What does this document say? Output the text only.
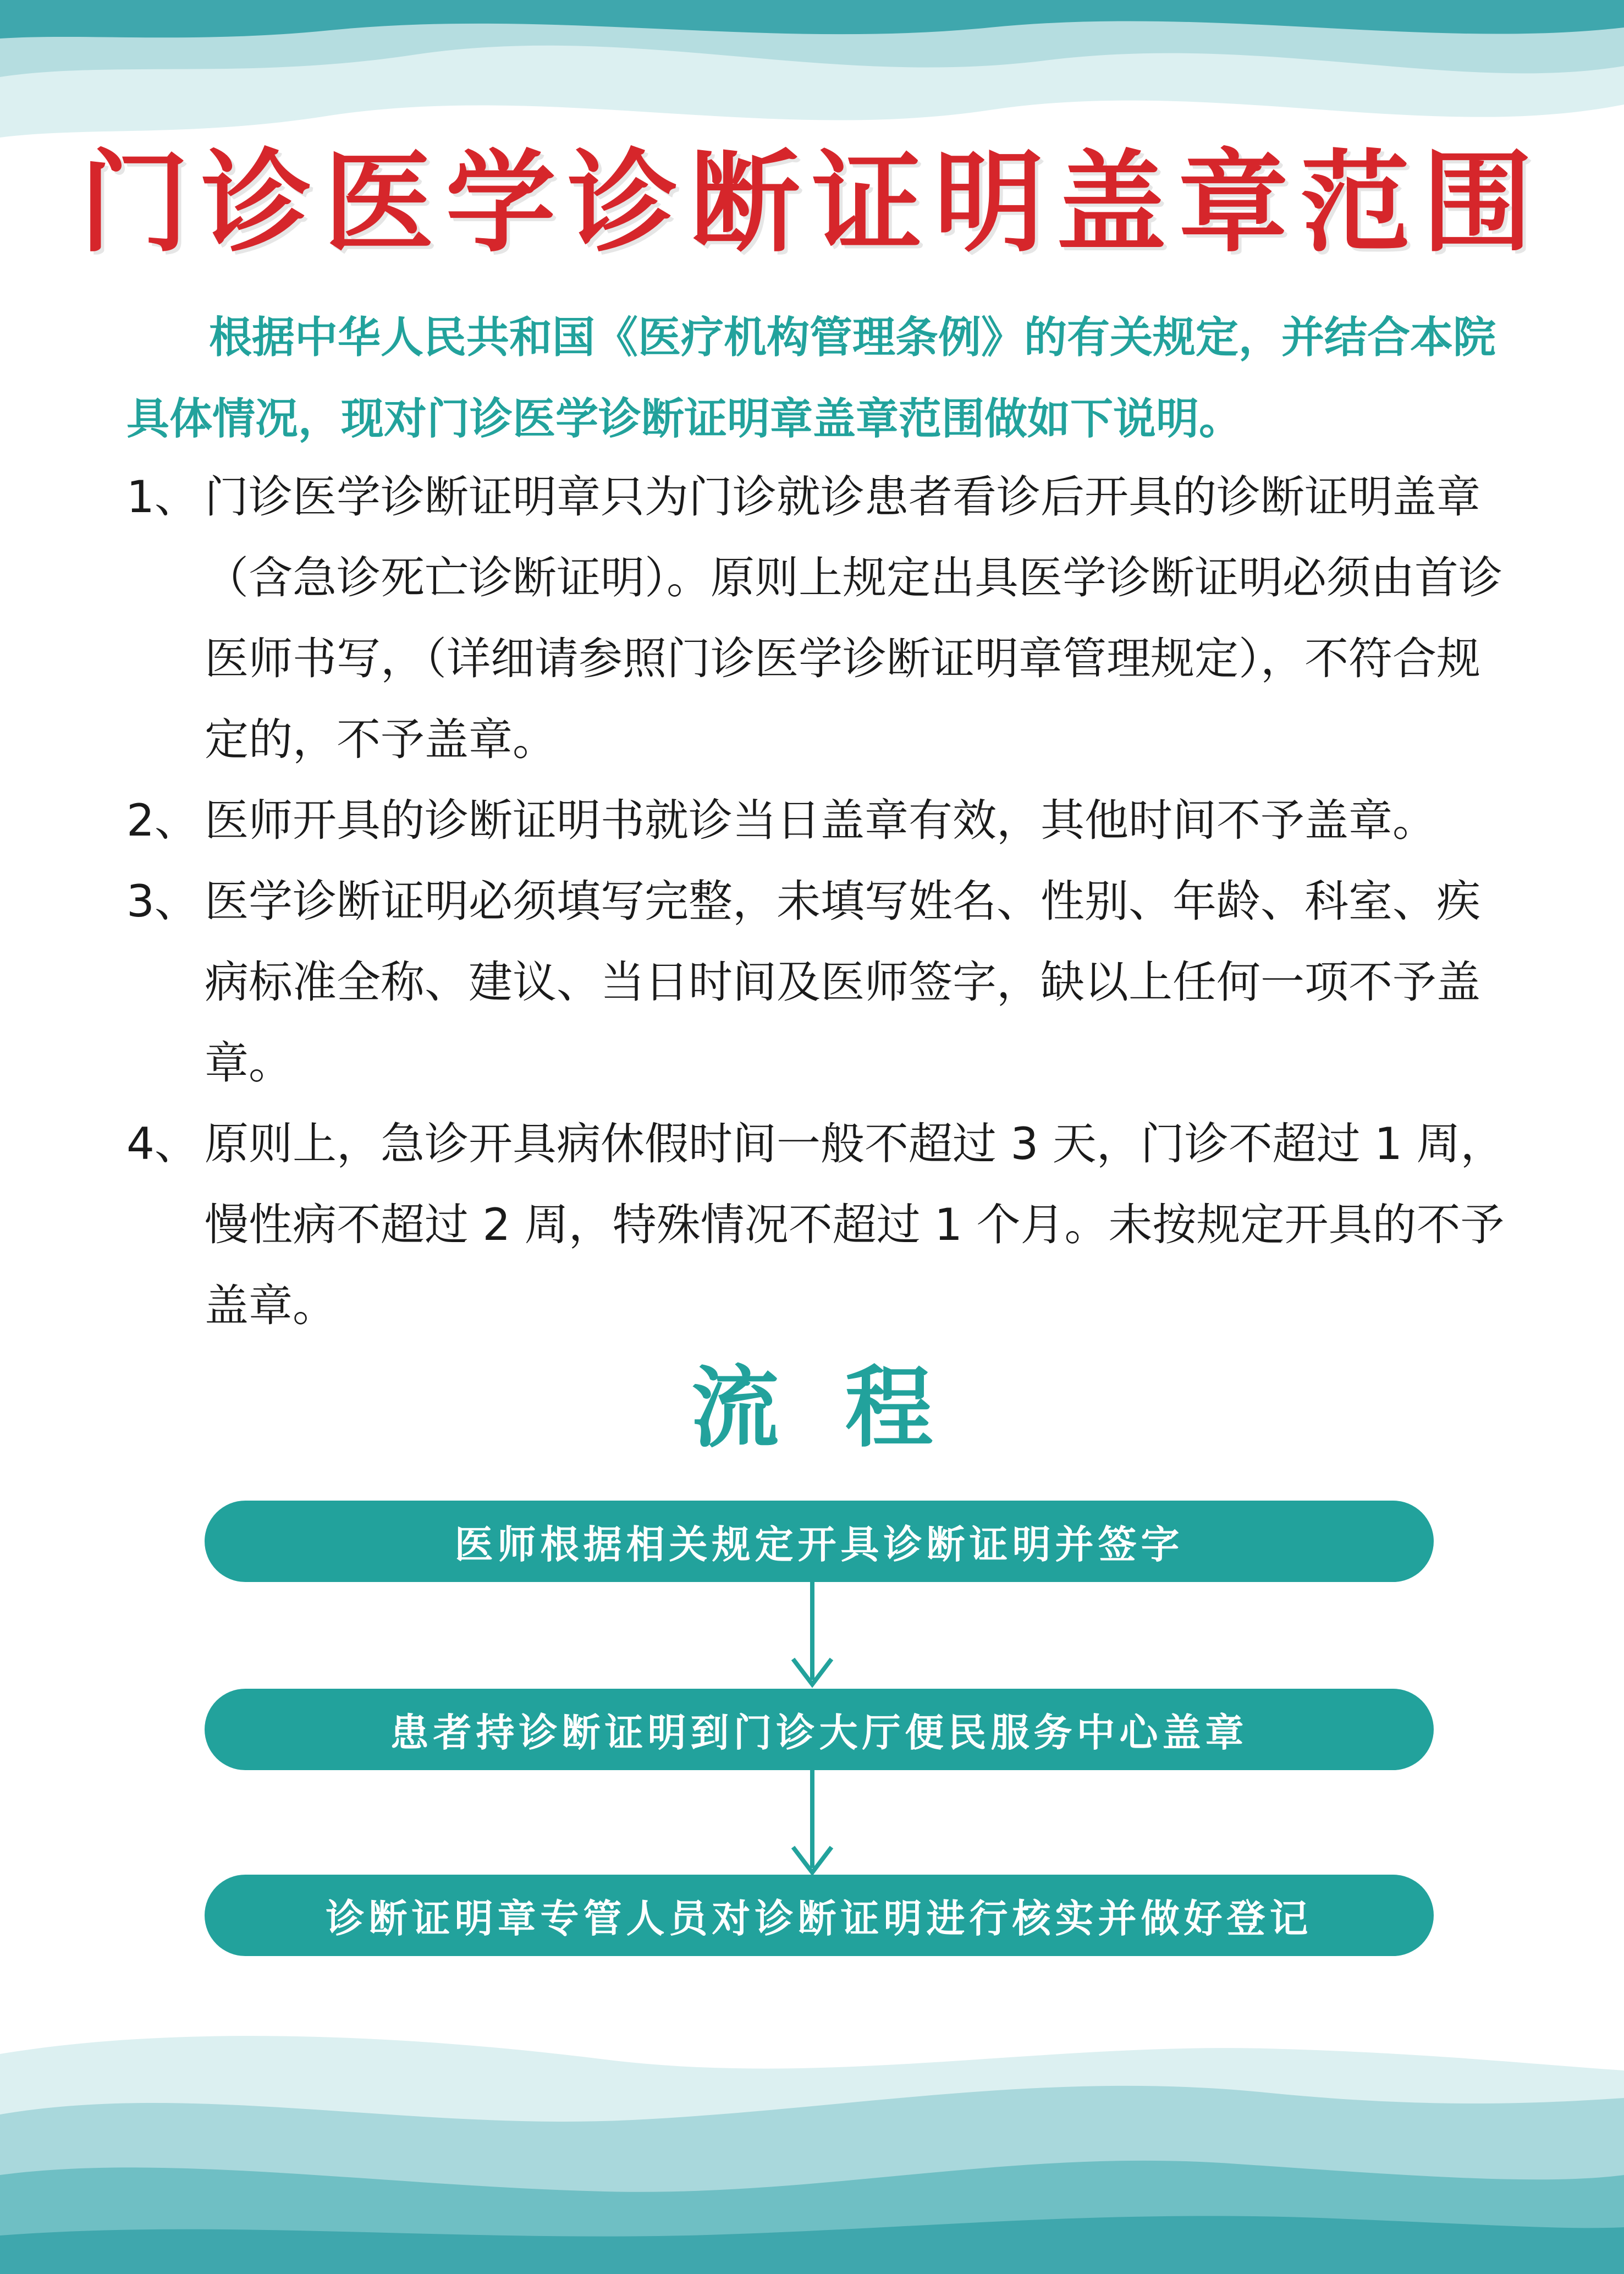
门诊医学诊断证明盖章范围
根据中华人民共和国《医疗机构管理条例》的有关规定，并结合本院具体情况，现对门诊医学诊断证明章盖章范围做如下说明。
1、 门诊医学诊断证明章只为门诊就诊患者看诊后开具的诊断证明盖章（含急诊死亡诊断证明）。原则上规定出具医学诊断证明必须由首诊医师书写，（详细请参照门诊医学诊断证明章管理规定），不符合规定的，不予盖章。
2、 医师开具的诊断证明书就诊当日盖章有效，其他时间不予盖章。
3、 医学诊断证明必须填写完整，未填写姓名、性别、年龄、科室、疾病标准全称、建议、当日时间及医师签字，缺以上任何一项不予盖章。
4、 原则上，急诊开具病休假时间一般不超过 3 天，门诊不超过 1 周，慢性病不超过 2 周，特殊情况不超过 1 个月。未按规定开具的不予盖章。
流程
医师根据相关规定开具诊断证明并签字
患者持诊断证明到门诊大厅便民服务中心盖章
诊断证明章专管人员对诊断证明进行核实并做好登记
